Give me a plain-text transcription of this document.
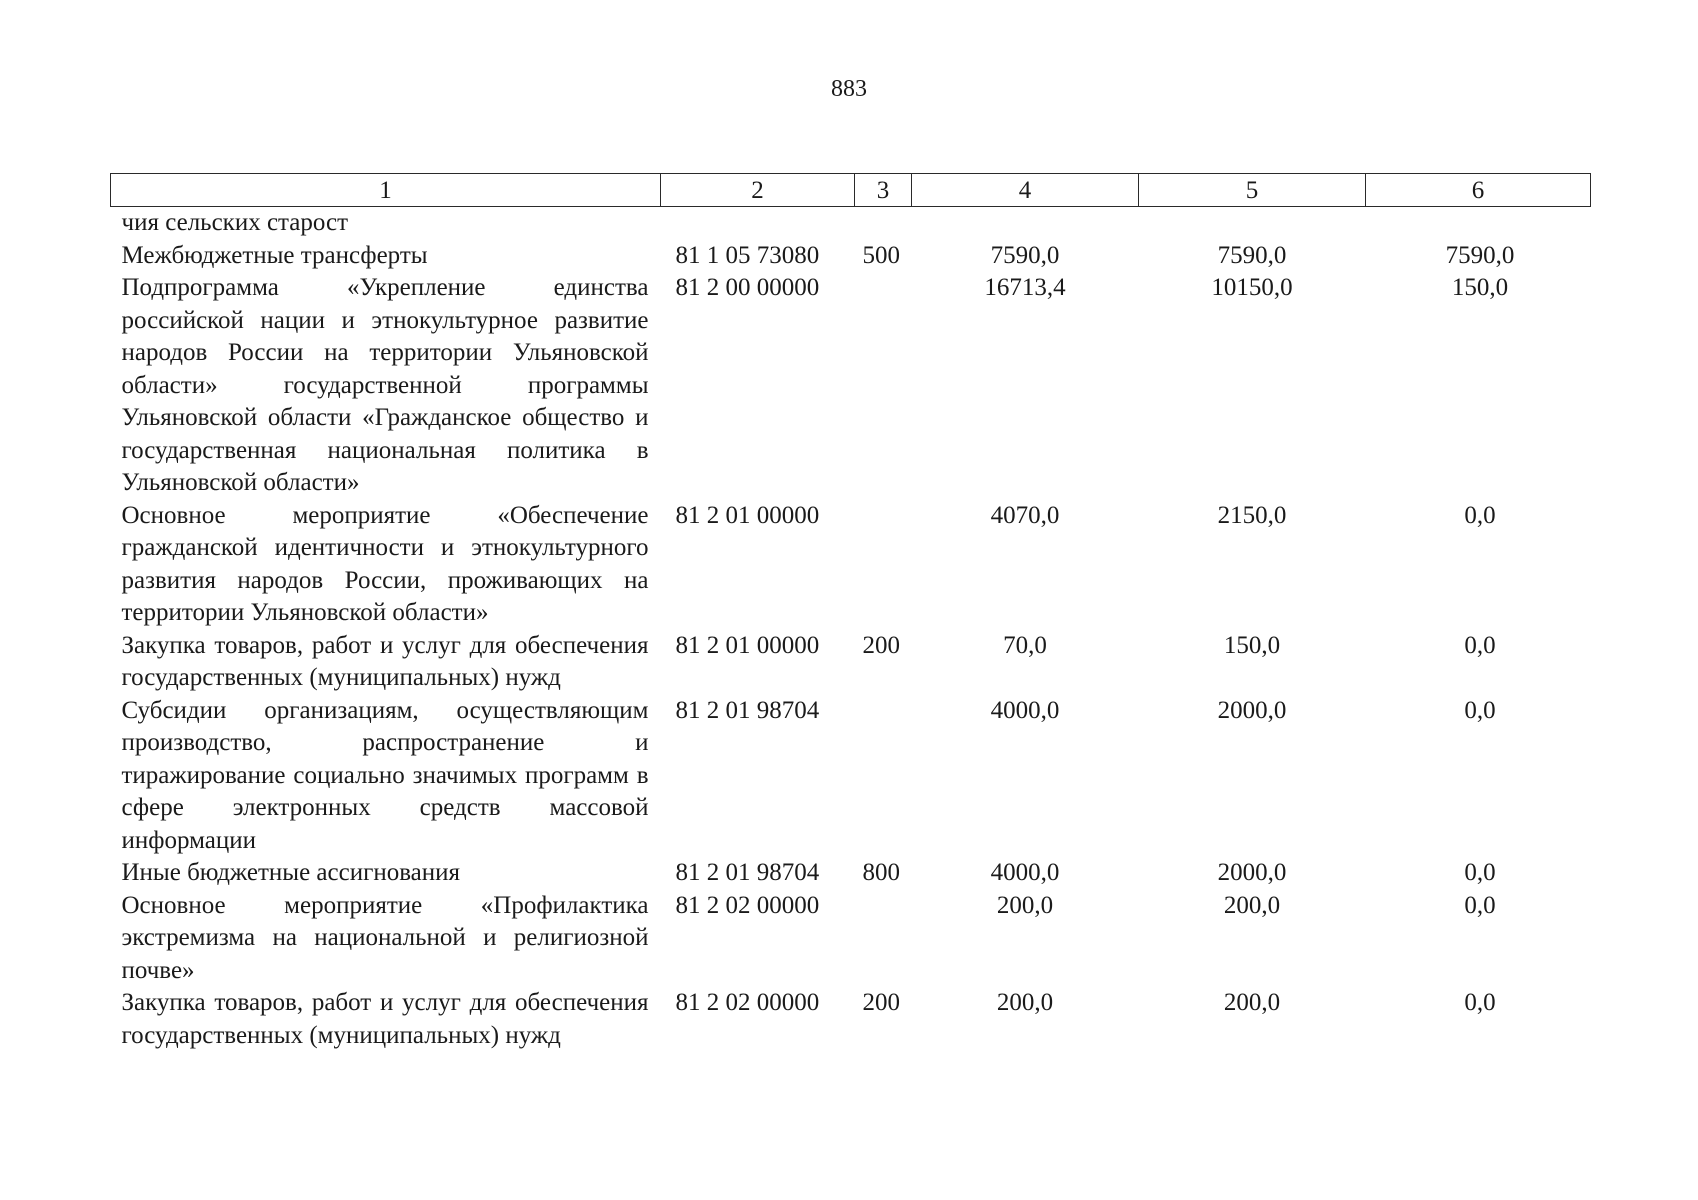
883
1	2	3	4	5	6
чия сельских старост					
Межбюджетные трансферты	81 1 05 73080	500	7590,0	7590,0	7590,0
Подпрограмма «Укрепление единства российской нации и этнокультурное развитие народов России на территории Ульяновской области» государственной программы Ульяновской области «Гражданское общество и государственная национальная политика в Ульяновской области»	81 2 00 00000		16713,4	10150,0	150,0
Основное мероприятие «Обеспечение гражданской идентичности и этнокультурного развития народов России, проживающих на территории Ульяновской области»	81 2 01 00000		4070,0	2150,0	0,0
Закупка товаров, работ и услуг для обеспечения государственных (муниципальных) нужд	81 2 01 00000	200	70,0	150,0	0,0
Субсидии организациям, осуществляющим производство, распространение и тиражирование социально значимых программ в сфере электронных средств массовой информации	81 2 01 98704		4000,0	2000,0	0,0
Иные бюджетные ассигнования	81 2 01 98704	800	4000,0	2000,0	0,0
Основное мероприятие «Профилактика экстремизма на национальной и религиозной почве»	81 2 02 00000		200,0	200,0	0,0
Закупка товаров, работ и услуг для обеспечения государственных (муниципальных) нужд	81 2 02 00000	200	200,0	200,0	0,0
